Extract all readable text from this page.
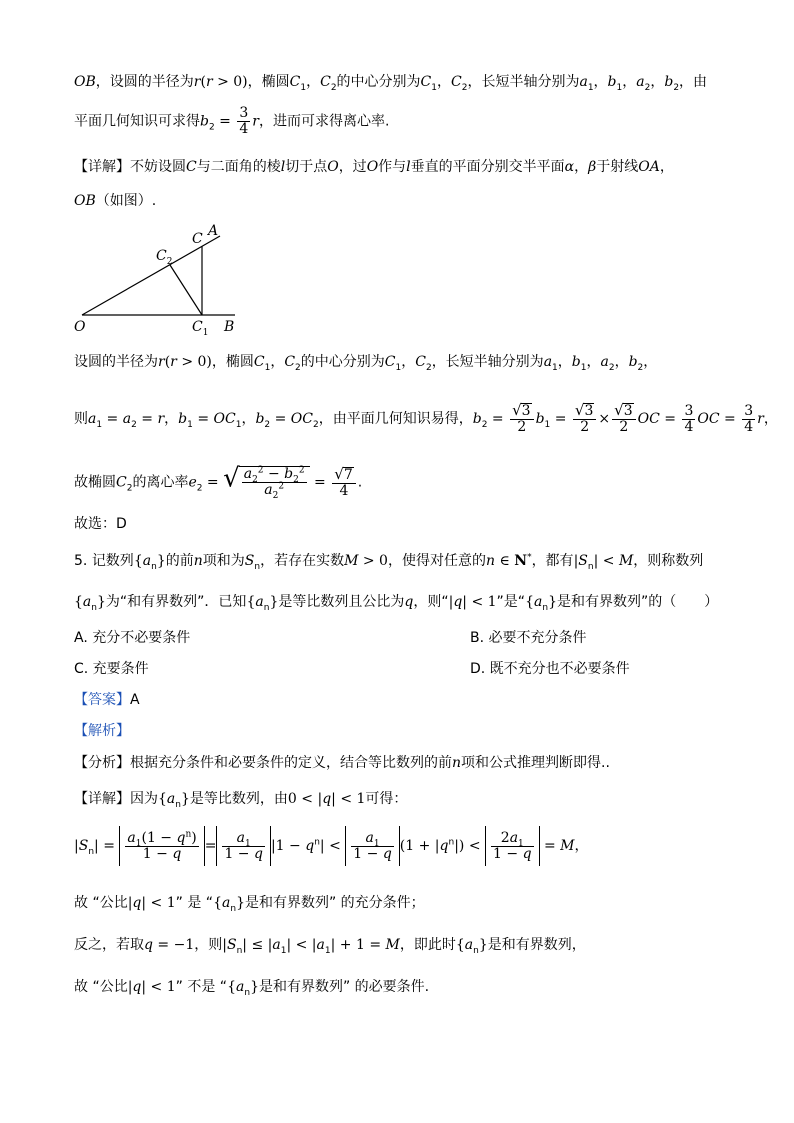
OB，设圆的半径为r(r > 0)，椭圆$C_1$，$C_2$的中心分别为$C_1$，$C_2$，长短半轴分别为$a_1$，$b_1$，$a_2$，$b_2$，由
平面几何知识可求得$b_2 = \frac{3}{4}$ r，进而可求得离心率.
【详解】不妨设圆C与二面角的棱l切于点O，过O作与l垂直的平面分别交半平面α，β于射线OA，
OB（如图）.
C A
$C_2$
O	$C_1$ B
设圆的半径为r(r > 0)，椭圆$C_1$，$C_2$的中心分别为$C_1$，$C_2$，长短半轴分别为$a_1$，$b_1$，$a_2$，$b_2$，
则$a_1 = a_2 = r$，$b_1 = OC_1$，$b_2 = OC_2$，由平面几何知识易得，$b_2 = \frac{√3}{2} b_1 = \frac{√3}{2} \times \frac{√3}{2}$ OC = $\frac{3}{4}$ OC = $\frac{3}{4}$ r，
故椭圆$C_2$的离心率$e_2$ = √ $\frac{a_2^2 - b_2^2}{a_2^2} = \frac{√7}{4}$ .
故选：D
5. 记数列$\{a_n\}$的前n项和为$S_n$，若存在实数M > 0，使得对任意的n ∈ N*，都有$|S_n| < M$，则称数列
$\{a_n\}$为“和有界数列”．已知$\{a_n\}$是等比数列且公比为q，则“|q| < 1”是“$\{a_n\}$是和有界数列”的（　　）
A. 充分不必要条件	B. 必要不充分条件
C. 充要条件	D. 既不充分也不必要条件
【答案】A
【解析】
【分析】根据充分条件和必要条件的定义，结合等比数列的前n项和公式推理判断即得..
【详解】因为$\{a_n\}$是等比数列，由0 < |q| < 1可得：
$|S_n| = \frac{a_1(1 - q^n)}{1 - q} = \frac{a_1}{1 - q} |1 - q^n| < \frac{a_1}{1 - q} (1 + |q^n|) < \frac{2a_1}{1 - q} = M$，
故 “公比|q| < 1” 是 “$\{a_n\}$是和有界数列” 的充分条件；
反之，若取q = −1，则$|S_n| \le |a_1| < |a_1| + 1 = M$，即此时$\{a_n\}$是和有界数列，
故 “公比|q| < 1” 不是 “$\{a_n\}$是和有界数列” 的必要条件.
